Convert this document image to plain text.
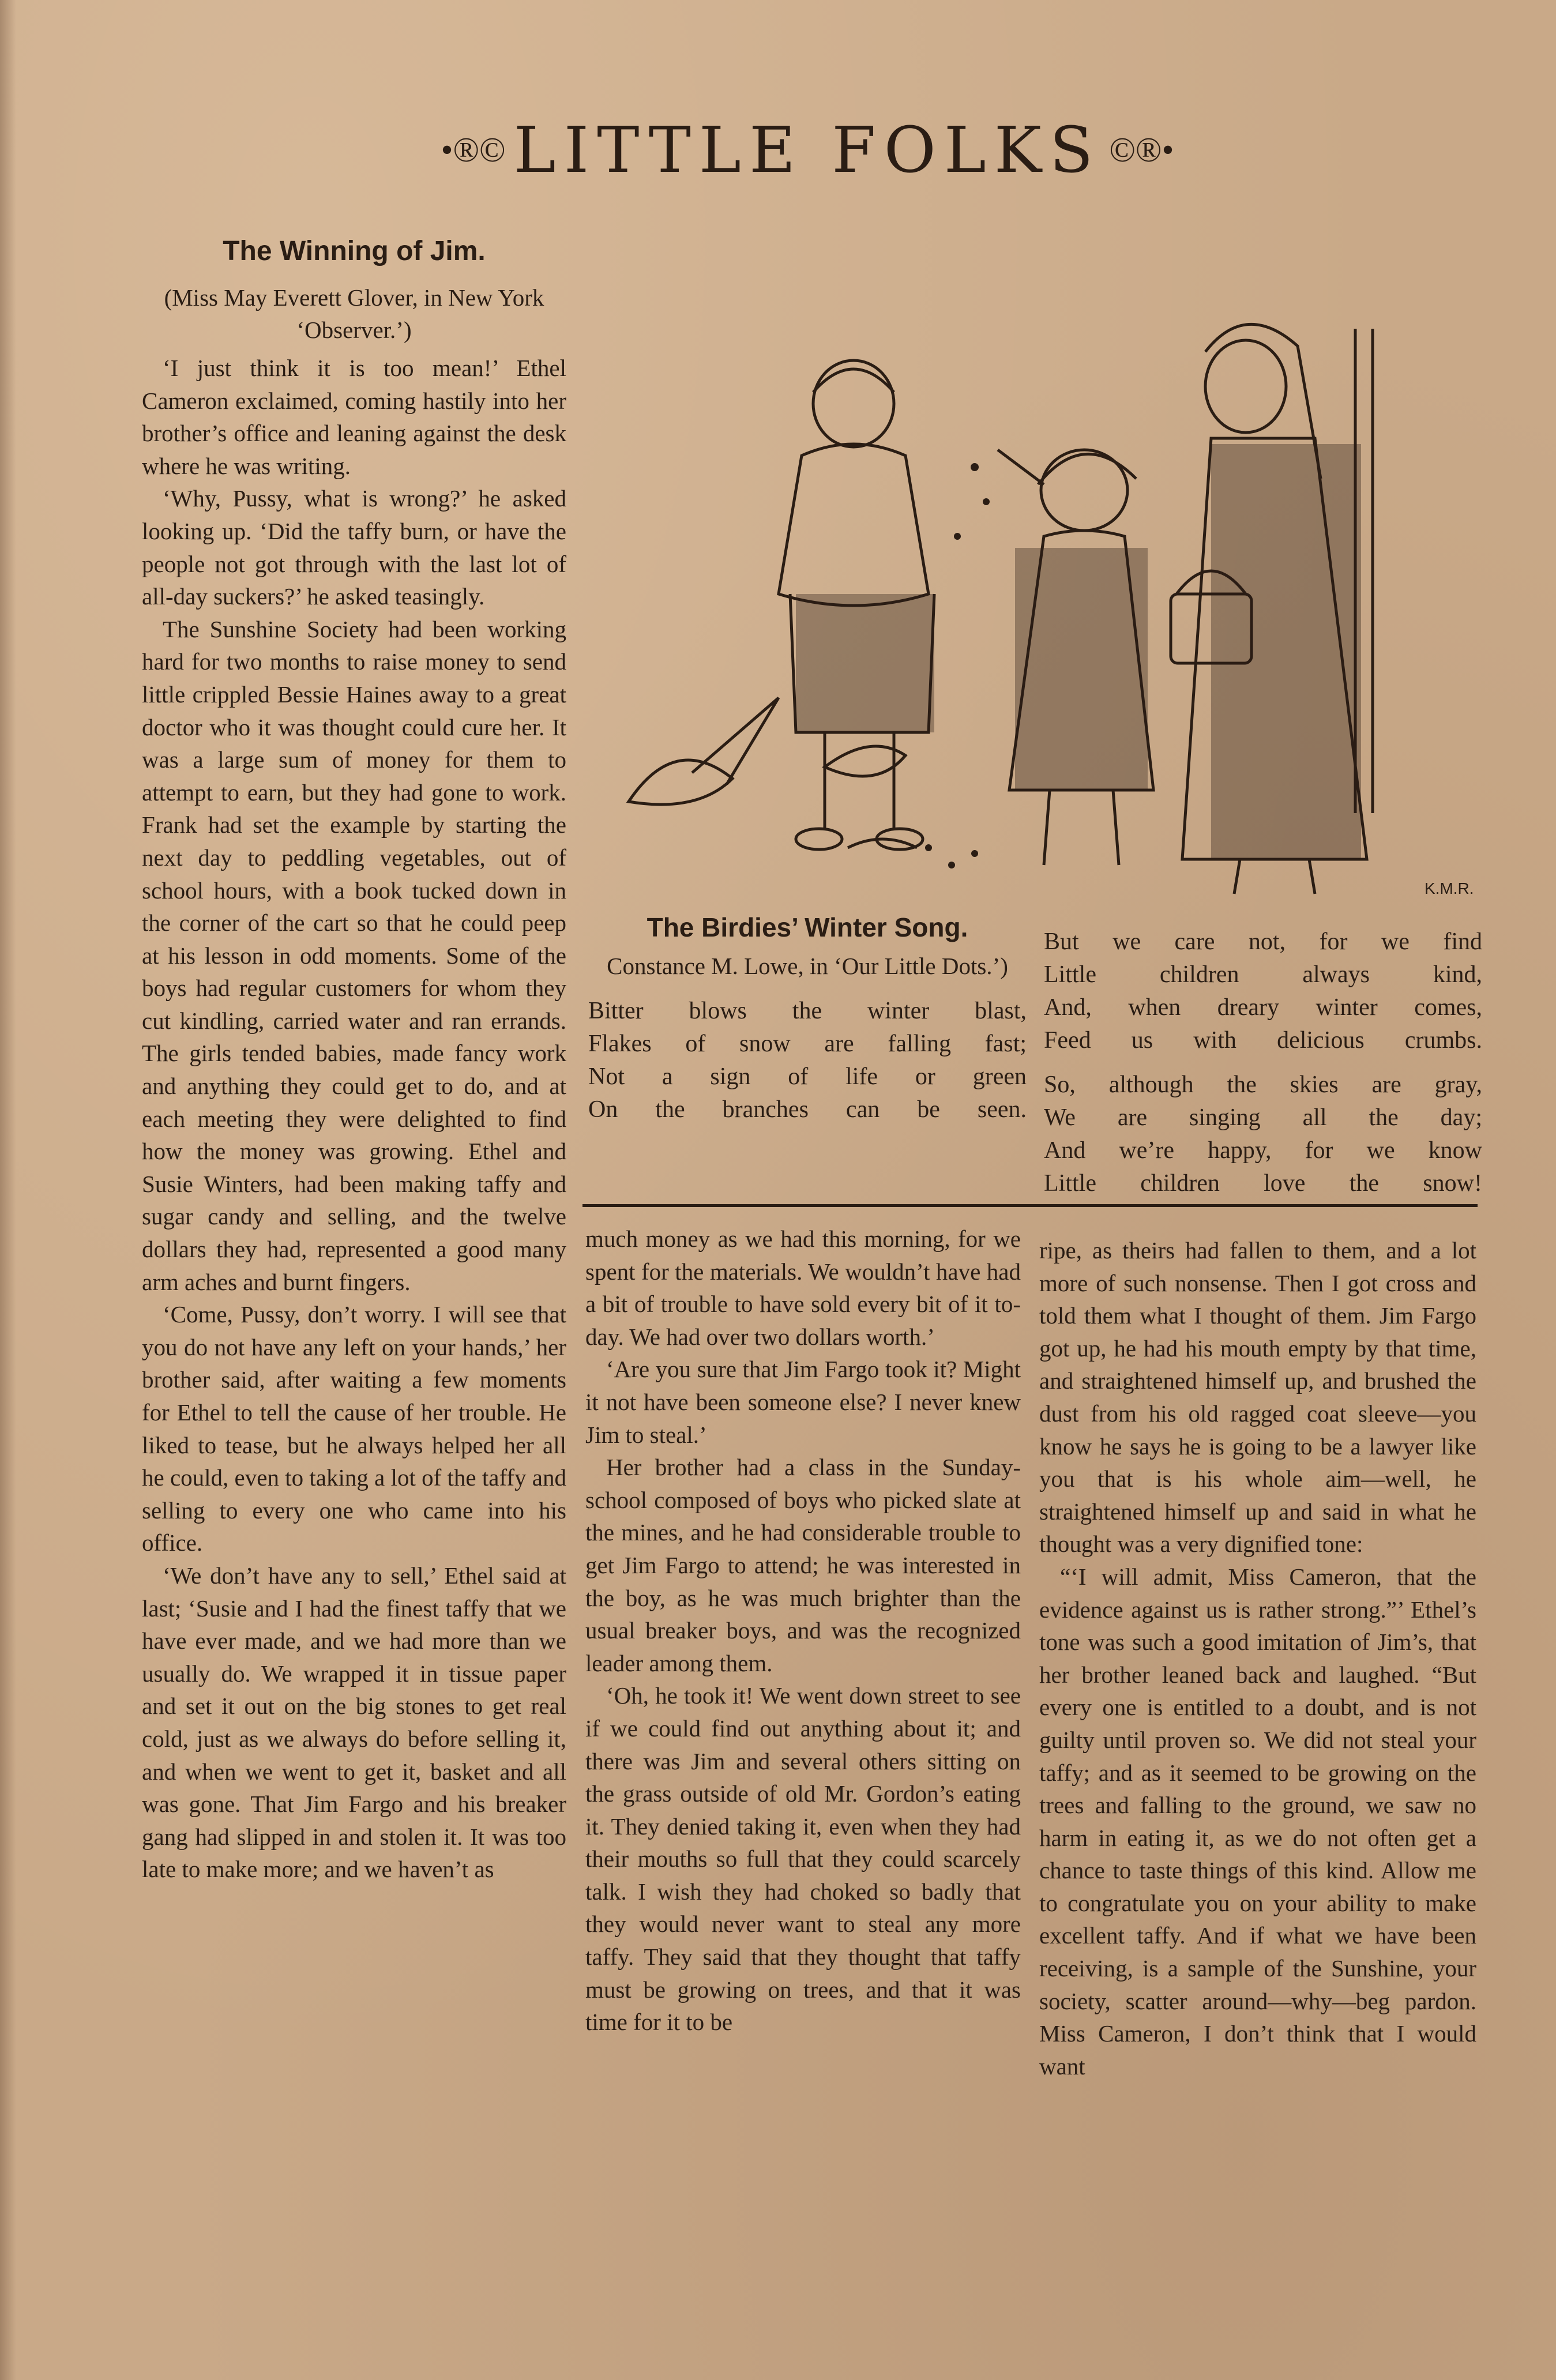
•®© LITTLE FOLKS ©®•
The Winning of Jim.
(Miss May Everett Glover, in New York ‘Observer.’)

‘I just think it is too mean!’ Ethel Cameron exclaimed, coming hastily into her brother’s office and leaning against the desk where he was writing.

‘Why, Pussy, what is wrong?’ he asked looking up. ‘Did the taffy burn, or have the people not got through with the last lot of all-day suckers?’ he asked teasingly.

The Sunshine Society had been working hard for two months to raise money to send little crippled Bessie Haines away to a great doctor who it was thought could cure her. It was a large sum of money for them to attempt to earn, but they had gone to work. Frank had set the example by starting the next day to peddling vegetables, out of school hours, with a book tucked down in the corner of the cart so that he could peep at his lesson in odd moments. Some of the boys had regular customers for whom they cut kindling, carried water and ran errands. The girls tended babies, made fancy work and anything they could get to do, and at each meeting they were delighted to find how the money was growing. Ethel and Susie Winters, had been making taffy and sugar candy and selling, and the twelve dollars they had, represented a good many arm aches and burnt fingers.

‘Come, Pussy, don’t worry. I will see that you do not have any left on your hands,’ her brother said, after waiting a few moments for Ethel to tell the cause of her trouble. He liked to tease, but he always helped her all he could, even to taking a lot of the taffy and selling to every one who came into his office.

‘We don’t have any to sell,’ Ethel said at last; ‘Susie and I had the finest taffy that we have ever made, and we had more than we usually do. We wrapped it in tissue paper and set it out on the big stones to get real cold, just as we always do before selling it, and when we went to get it, basket and all was gone. That Jim Fargo and his breaker gang had slipped in and stolen it. It was too late to make more; and we haven’t as

K.M.R.
The Birdies’ Winter Song.
Constance M. Lowe, in ‘Our Little Dots.’)
Bitter blows the winter blast,
Flakes of snow are falling fast;
Not a sign of life or green
On the branches can be seen.
But we care not, for we find
Little children always kind,
And, when dreary winter comes,
Feed us with delicious crumbs.
So, although the skies are gray,
We are singing all the day;
And we’re happy, for we know
Little children love the snow!

much money as we had this morning, for we spent for the materials. We wouldn’t have had a bit of trouble to have sold every bit of it to-day. We had over two dollars worth.’

‘Are you sure that Jim Fargo took it? Might it not have been someone else? I never knew Jim to steal.’

Her brother had a class in the Sunday-school composed of boys who picked slate at the mines, and he had considerable trouble to get Jim Fargo to attend; he was interested in the boy, as he was much brighter than the usual breaker boys, and was the recognized leader among them.

‘Oh, he took it! We went down street to see if we could find out anything about it; and there was Jim and several others sitting on the grass outside of old Mr. Gordon’s eating it. They denied taking it, even when they had their mouths so full that they could scarcely talk. I wish they had choked so badly that they would never want to steal any more taffy. They said that they thought that taffy must be growing on trees, and that it was time for it to be

ripe, as theirs had fallen to them, and a lot more of such nonsense. Then I got cross and told them what I thought of them. Jim Fargo got up, he had his mouth empty by that time, and straightened himself up, and brushed the dust from his old ragged coat sleeve—you know he says he is going to be a lawyer like you that is his whole aim—well, he straightened himself up and said in what he thought was a very dignified tone:

“‘I will admit, Miss Cameron, that the evidence against us is rather strong.”’ Ethel’s tone was such a good imitation of Jim’s, that her brother leaned back and laughed. “But every one is entitled to a doubt, and is not guilty until proven so. We did not steal your taffy; and as it seemed to be growing on the trees and falling to the ground, we saw no harm in eating it, as we do not often get a chance to taste things of this kind. Allow me to congratulate you on your ability to make excellent taffy. And if what we have been receiving, is a sample of the Sunshine, your society, scatter around—why—beg pardon. Miss Cameron, I don’t think that I would want
